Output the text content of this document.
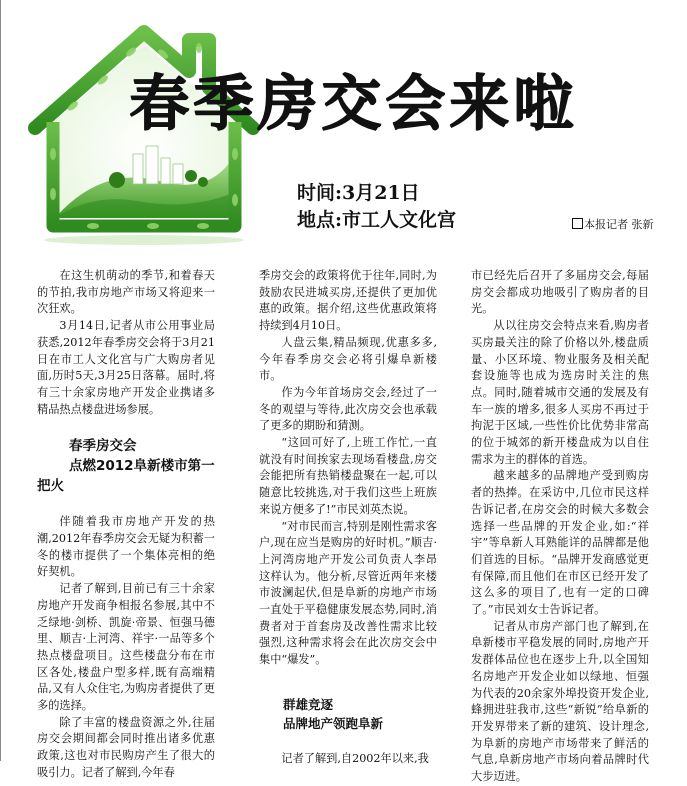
春季房交会来啦
时间:3月21日
地点:市工人文化宫	本报记者 张新

在这生机萌动的季节,和着春天的节拍,我市房地产市场又将迎来一次狂欢。

3月14日,记者从市公用事业局获悉,2012年春季房交会将于3月21日在市工人文化宫与广大购房者见面,历时5天,3月25日落幕。届时,将有三十余家房地产开发企业携诸多精品热点楼盘进场参展。

春季房交会
点燃2012阜新楼市第一
把火

伴随着我市房地产开发的热潮,2012年春季房交会无疑为积蓄一冬的楼市提供了一个集体亮相的绝好契机。

记者了解到,目前已有三十余家房地产开发商争相报名参展,其中不乏绿地·剑桥、凯旋·帝景、恒强马德里、顺吉·上河湾、祥宇·一品等多个热点楼盘项目。这些楼盘分布在市区各处,楼盘户型多样,既有高端精品,又有人众住宅,为购房者提供了更多的选择。

除了丰富的楼盘资源之外,往届房交会期间都会同时推出诸多优惠政策,这也对市民购房产生了很大的吸引力。记者了解到,今年春

季房交会的政策将优于往年,同时,为鼓励农民进城买房,还提供了更加优惠的政策。据介绍,这些优惠政策将持续到4月10日。

人盘云集,精品频现,优惠多多,今年春季房交会必将引爆阜新楼市。

作为今年首场房交会,经过了一冬的观望与等待,此次房交会也承载了更多的期盼和猜测。

“这回可好了,上班工作忙,一直就没有时间挨家去现场看楼盘,房交会能把所有热销楼盘聚在一起,可以随意比较挑选,对于我们这些上班族来说方便多了!”市民刘英杰说。

“对市民而言,特别是刚性需求客户,现在应当是购房的好时机。”顺吉·上河湾房地产开发公司负责人李昂这样认为。他分析,尽管近两年来楼市波澜起伏,但是阜新的房地产市场一直处于平稳健康发展态势,同时,消费者对于首套房及改善性需求比较强烈,这种需求将会在此次房交会中集中“爆发”。

群雄竞逐
品牌地产领跑阜新

记者了解到,自2002年以来,我

市已经先后召开了多届房交会,每届房交会都成功地吸引了购房者的目光。

从以往房交会特点来看,购房者买房最关注的除了价格以外,楼盘质量、小区环境、物业服务及相关配套设施等也成为选房时关注的焦点。同时,随着城市交通的发展及有车一族的增多,很多人买房不再过于拘泥于区域,一些性价比优势非常高的位于城郊的新开楼盘成为以自住需求为主的群体的首选。

越来越多的品牌地产受到购房者的热捧。在采访中,几位市民这样告诉记者,在房交会的时候大多数会选择一些品牌的开发企业,如:“祥宇”等阜新人耳熟能详的品牌都是他们首选的目标。“品牌开发商感觉更有保障,而且他们在市区已经开发了这么多的项目了,也有一定的口碑了。”市民刘女士告诉记者。

记者从市房产部门也了解到,在阜新楼市平稳发展的同时,房地产开发群体品位也在逐步上升,以全国知名房地产开发企业如以绿地、恒强为代表的20余家外埠投资开发企业,蜂拥进驻我市,这些“新锐”给阜新的开发界带来了新的建筑、设计理念,为阜新的房地产市场带来了鲜活的气息,阜新房地产市场向着品牌时代大步迈进。
